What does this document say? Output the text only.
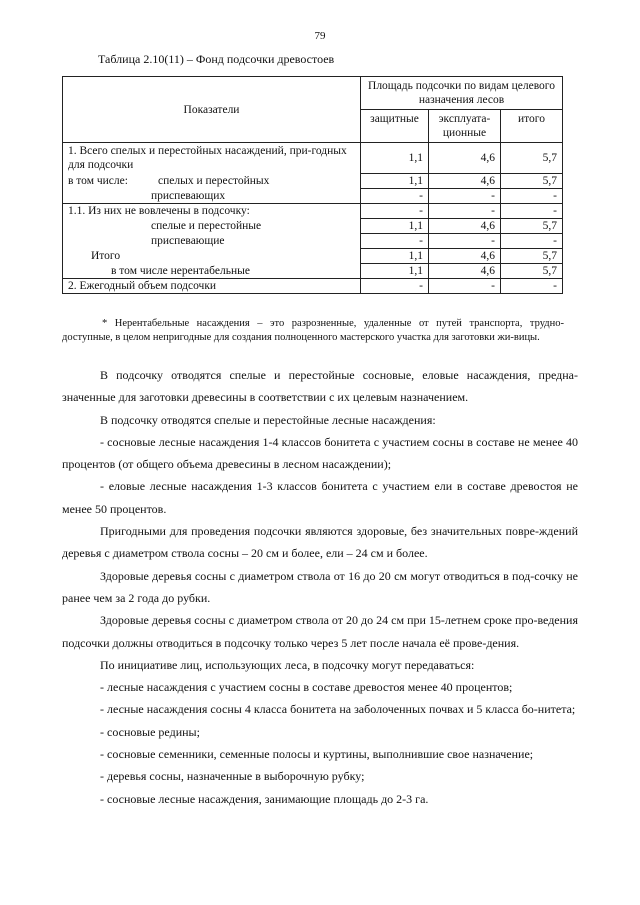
79
Таблица 2.10(11) – Фонд подсочки древостоев
Показатели	Площадь подсочки по видам целевого назначения лесов		
	защитные	эксплуата-ционные	итого
1. Всего спелых и перестойных насаждений, при-годных для подсочки	1,1	4,6	5,7

в том числе: спелых и перестойных	1,1	4,6	5,7
приспевающих	-	-	-
1.1. Из них не вовлечены в подсочку:	-	-	-
спелые и перестойные	1,1	4,6	5,7
приспевающие	-	-	-
Итого	1,1	4,6	5,7
в том числе нерентабельные	1,1	4,6	5,7
2. Ежегодный объем подсочки	-	-	-
* Нерентабельные насаждения – это разрозненные, удаленные от путей транспорта, трудно-доступные, в целом непригодные для создания полноценного мастерского участка для заготовки жи-вицы.

В подсочку отводятся спелые и перестойные сосновые, еловые насаждения, предна-значенные для заготовки древесины в соответствии с их целевым назначением.

В подсочку отводятся спелые и перестойные лесные насаждения:

- сосновые лесные насаждения 1-4 классов бонитета с участием сосны в составе не менее 40 процентов (от общего объема древесины в лесном насаждении);

- еловые лесные насаждения 1-3 классов бонитета с участием ели в составе древостоя не менее 50 процентов.

Пригодными для проведения подсочки являются здоровые, без значительных повре-ждений деревья с диаметром ствола сосны – 20 см и более, ели – 24 см и более.

Здоровые деревья сосны с диаметром ствола от 16 до 20 см могут отводиться в под-сочку не ранее чем за 2 года до рубки.

Здоровые деревья сосны с диаметром ствола от 20 до 24 см при 15-летнем сроке про-ведения подсочки должны отводиться в подсочку только через 5 лет после начала её прове-дения.

По инициативе лиц, использующих леса, в подсочку могут передаваться:

- лесные насаждения с участием сосны в составе древостоя менее 40 процентов;

- лесные насаждения сосны 4 класса бонитета на заболоченных почвах и 5 класса бо-нитета;

- сосновые редины;

- сосновые семенники, семенные полосы и куртины, выполнившие свое назначение;

- деревья сосны, назначенные в выборочную рубку;

- сосновые лесные насаждения, занимающие площадь до 2-3 га.
